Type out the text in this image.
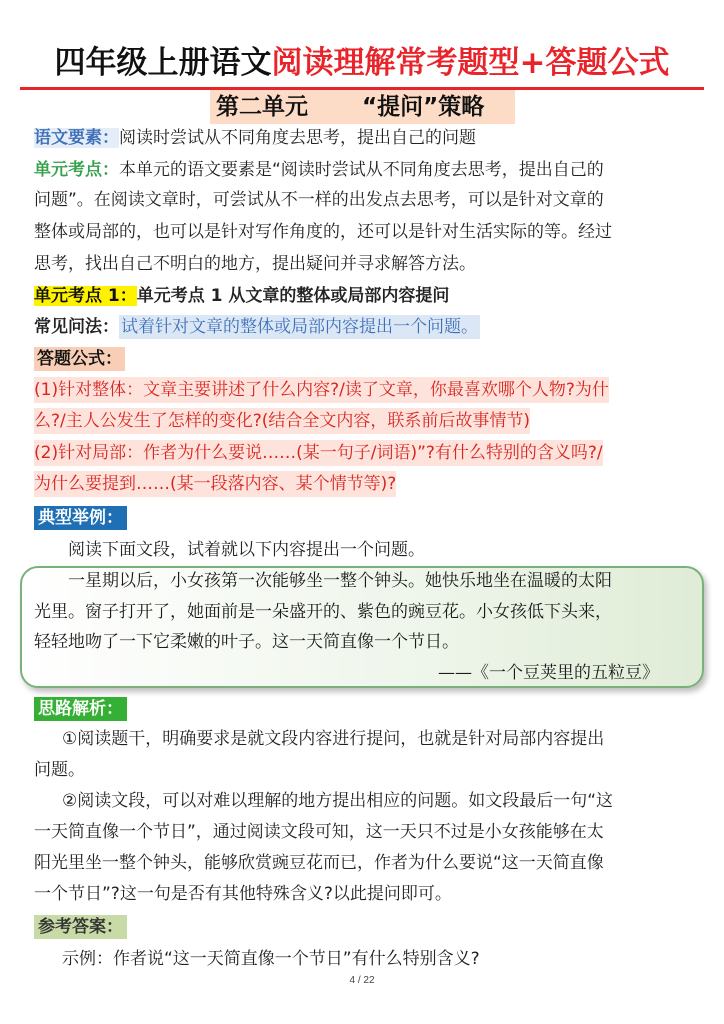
四年级上册语文阅读理解常考题型+答题公式
第二单元　　 “提问”策略
语文要素：阅读时尝试从不同角度去思考，提出自己的问题
单元考点：本单元的语文要素是“阅读时尝试从不同角度去思考，提出自己的
问题”。在阅读文章时，可尝试从不一样的出发点去思考，可以是针对文章的
整体或局部的，也可以是针对写作角度的，还可以是针对生活实际的等。经过
思考，找出自己不明白的地方，提出疑问并寻求解答方法。
单元考点 1：单元考点 1 从文章的整体或局部内容提问
常见问法： 试着针对文章的整体或局部内容提出一个问题。
答题公式：
(1)针对整体：文章主要讲述了什么内容?/读了文章，你最喜欢哪个人物?为什
么?/主人公发生了怎样的变化?(结合全文内容，联系前后故事情节)
(2)针对局部：作者为什么要说……(某一句子/词语)”?有什么特别的含义吗?/
为什么要提到……(某一段落内容、某个情节等)?
典型举例：
阅读下面文段，试着就以下内容提出一个问题。
一星期以后，小女孩第一次能够坐一整个钟头。她快乐地坐在温暖的太阳
光里。窗子打开了，她面前是一朵盛开的、紫色的豌豆花。小女孩低下头来，
轻轻地吻了一下它柔嫩的叶子。这一天简直像一个节日。
——《一个豆荚里的五粒豆》
思路解析：
①阅读题干，明确要求是就文段内容进行提问，也就是针对局部内容提出
问题。
②阅读文段，可以对难以理解的地方提出相应的问题。如文段最后一句“这
一天简直像一个节日”，通过阅读文段可知，这一天只不过是小女孩能够在太
阳光里坐一整个钟头，能够欣赏豌豆花而已，作者为什么要说“这一天简直像
一个节日”?这一句是否有其他特殊含义?以此提问即可。
参考答案：
示例：作者说“这一天简直像一个节日”有什么特别含义?
4 / 22
